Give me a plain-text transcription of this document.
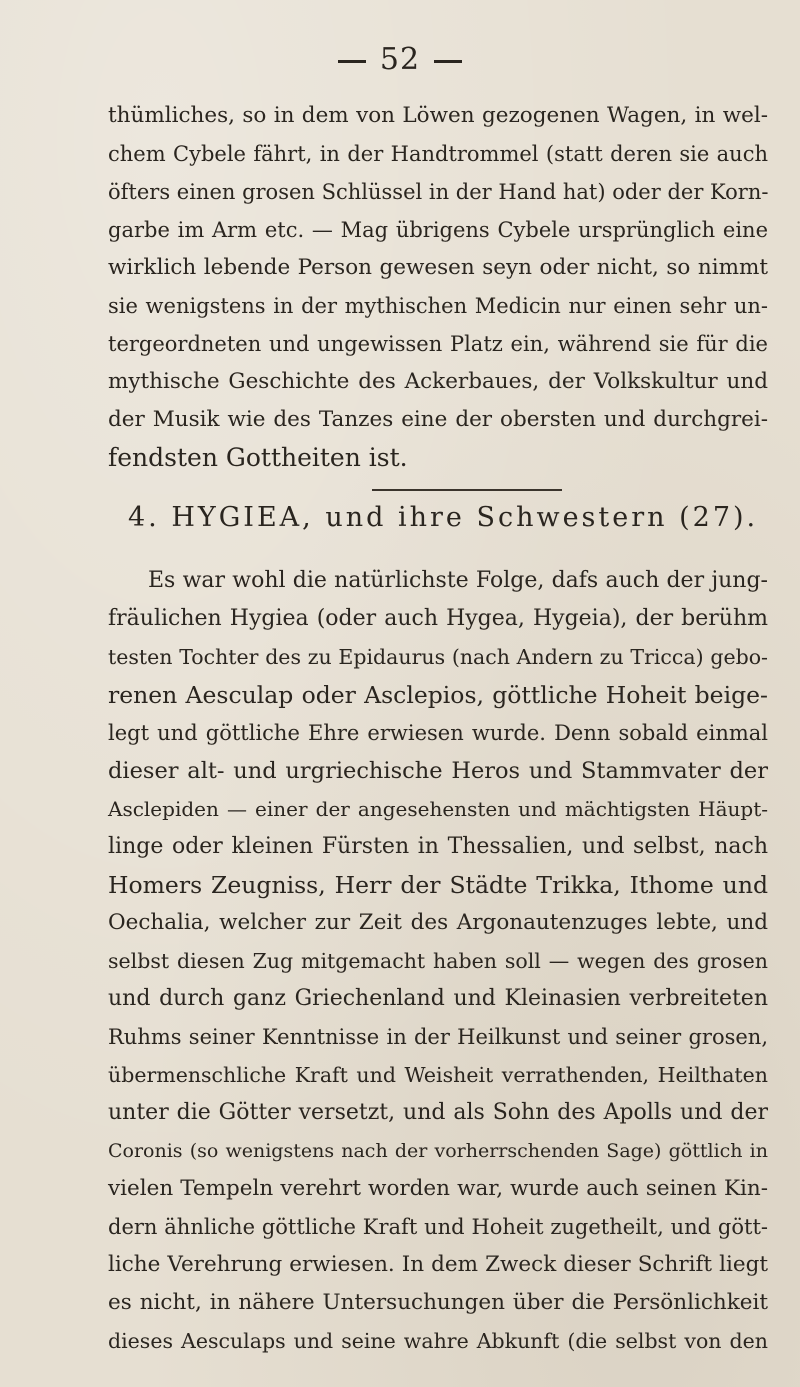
52
thümliches, so in dem von Löwen gezogenen Wagen, in wel-
chem Cybele fährt, in der Handtrommel (statt deren sie auch
öfters einen grosen Schlüssel in der Hand hat) oder der Korn-
garbe im Arm etc. — Mag übrigens Cybele ursprünglich eine
wirklich lebende Person gewesen seyn oder nicht, so nimmt
sie wenigstens in der mythischen Medicin nur einen sehr un-
tergeordneten und ungewissen Platz ein, während sie für die
mythische Geschichte des Ackerbaues, der Volkskultur und
der Musik wie des Tanzes eine der obersten und durchgrei-
fendsten Gottheiten ist.
4. HYGIEA, und ihre Schwestern (27).
Es war wohl die natürlichste Folge, dafs auch der jung-
fräulichen Hygiea (oder auch Hygea, Hygeia), der berühm
testen Tochter des zu Epidaurus (nach Andern zu Tricca) gebo-
renen Aesculap oder Asclepios, göttliche Hoheit beige-
legt und göttliche Ehre erwiesen wurde. Denn sobald einmal
dieser alt- und urgriechische Heros und Stammvater der
Asclepiden — einer der angesehensten und mächtigsten Häupt-
linge oder kleinen Fürsten in Thessalien, und selbst, nach
Homers Zeugniss, Herr der Städte Trikka, Ithome und
Oechalia, welcher zur Zeit des Argonautenzuges lebte, und
selbst diesen Zug mitgemacht haben soll — wegen des grosen
und durch ganz Griechenland und Kleinasien verbreiteten
Ruhms seiner Kenntnisse in der Heilkunst und seiner grosen,
übermenschliche Kraft und Weisheit verrathenden, Heilthaten
unter die Götter versetzt, und als Sohn des Apolls und der
Coronis (so wenigstens nach der vorherrschenden Sage) göttlich in
vielen Tempeln verehrt worden war, wurde auch seinen Kin-
dern ähnliche göttliche Kraft und Hoheit zugetheilt, und gött-
liche Verehrung erwiesen. In dem Zweck dieser Schrift liegt
es nicht, in nähere Untersuchungen über die Persönlichkeit
dieses Aesculaps und seine wahre Abkunft (die selbst von den
